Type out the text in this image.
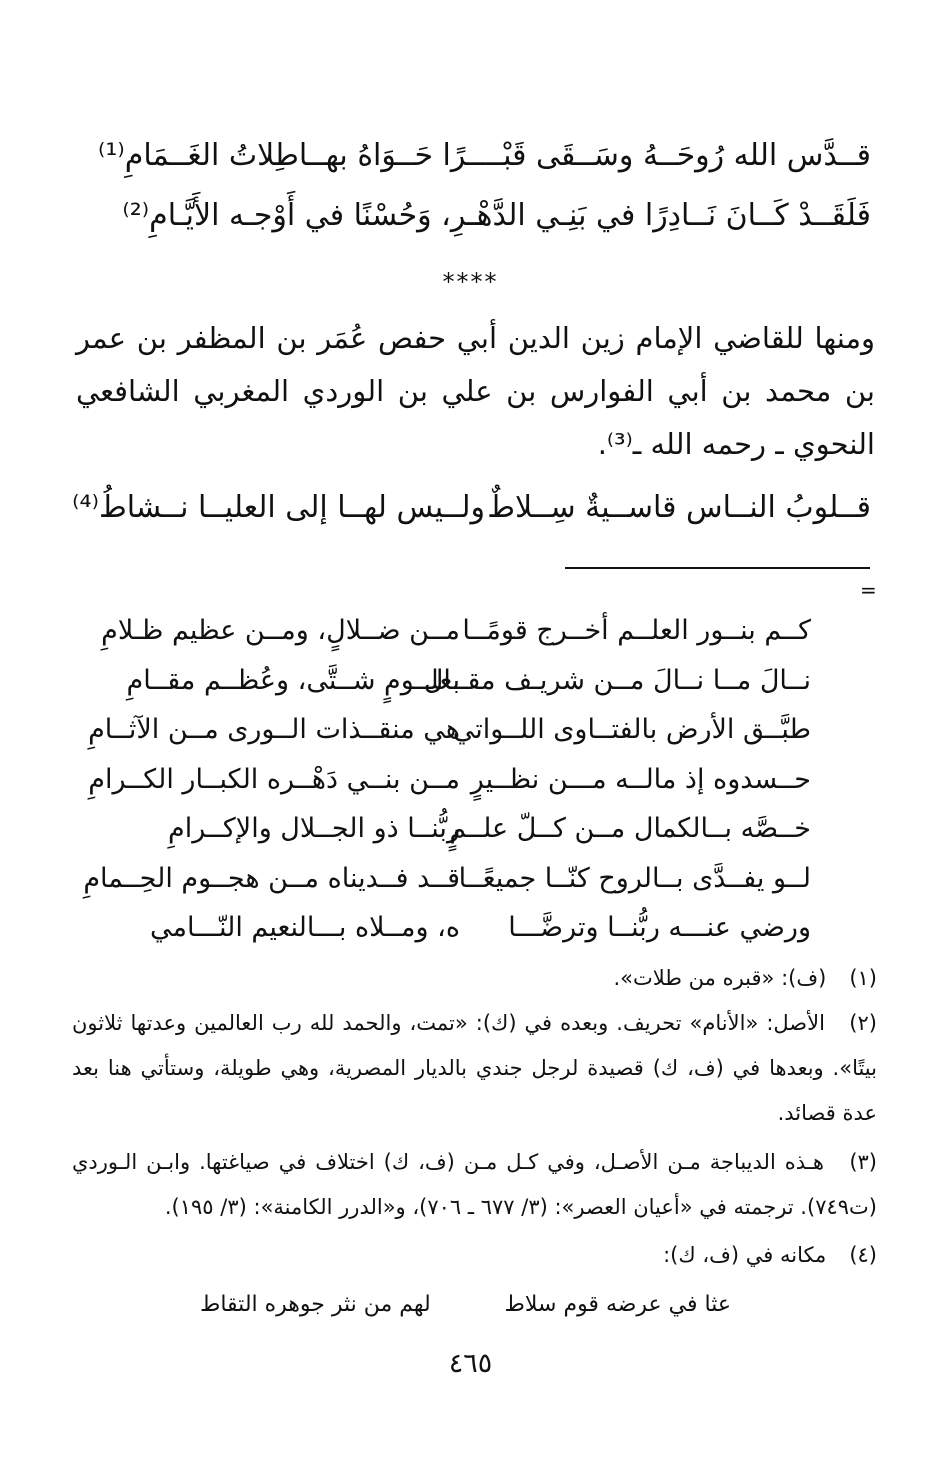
قــدَّس الله رُوحَــهُ وسَــقَى قَبْــ
ــرًا حَــوَاهُ بهــاطِلاتُ الغَــمَامِ⁽¹⁾
فَلَقَــدْ كَــانَ نَــادِرًا في بَنِـي الدَّهْـ
ــرِ، وَحُسْنًا في أَوْجـه الأَيَّـامِ⁽²⁾
****
ومنها للقاضي الإمام زين الدين أبي حفص عُمَر بن المظفر بن عمر بن محمد بن أبي الفوارس بن علي بن الوردي المغربي الشافعي النحوي ـ رحمه الله ـ⁽³⁾.
قــلوبُ النــاس قاســيةٌ سِــلاطٌ
ولــيس لهــا إلى العليــا نــشاطُ⁽⁴⁾
=
كــم بنــور العلــم أخــرج قومًــا
مــن ضــلالٍ، ومــن عظيم ظـلامِ
نــالَ مــا نــالَ مــن شريـف مقــال
بعلــومٍ شــتَّى، وعُظــم مقــامِ
طبَّــق الأرض بالفتــاوى اللــواتي
هي منقــذات الــورى مــن الآثــامِ
حــسدوه إذ مالــه مـــن نظــيرٍ
مــن بنــي دَهْــره الكبــار الكــرامِ
خــصَّه بــالكمال مــن كــلّ علــمٍ
ربُّنــا ذو الجــلال والإكــرامِ
لــو يفــدَّى بــالروح كنّــا جميعًــا
قــد فــديناه مــن هجــوم الحِــمامِ
ورضي عنـــه ربُّنــا وترضَّـــا
ه، ومــلاه بـــالنعيم النّـــامي
(١) (ف): «قبره من طلات».
(٢) الأصل: «الأنام» تحريف. وبعده في (ك): «تمت، والحمد لله رب العالمين وعدتها ثلاثون بيتًا». وبعدها في (ف، ك) قصيدة لرجل جندي بالديار المصرية، وهي طويلة، وستأتي هنا بعد عدة قصائد.
(٣) هـذه الديباجة مـن الأصـل، وفي كـل مـن (ف، ك) اختلاف في صياغتها. وابـن الـوردي (ت٧٤٩). ترجمته في «أعيان العصر»: (٣/ ٦٧٧ ـ ٧٠٦)، و«الدرر الكامنة»: (٣/ ١٩٥).
(٤) مكانه في (ف، ك):
عثا في عرضه قوم سلاط
لهم من نثر جوهره التقاط
٤٦٥
